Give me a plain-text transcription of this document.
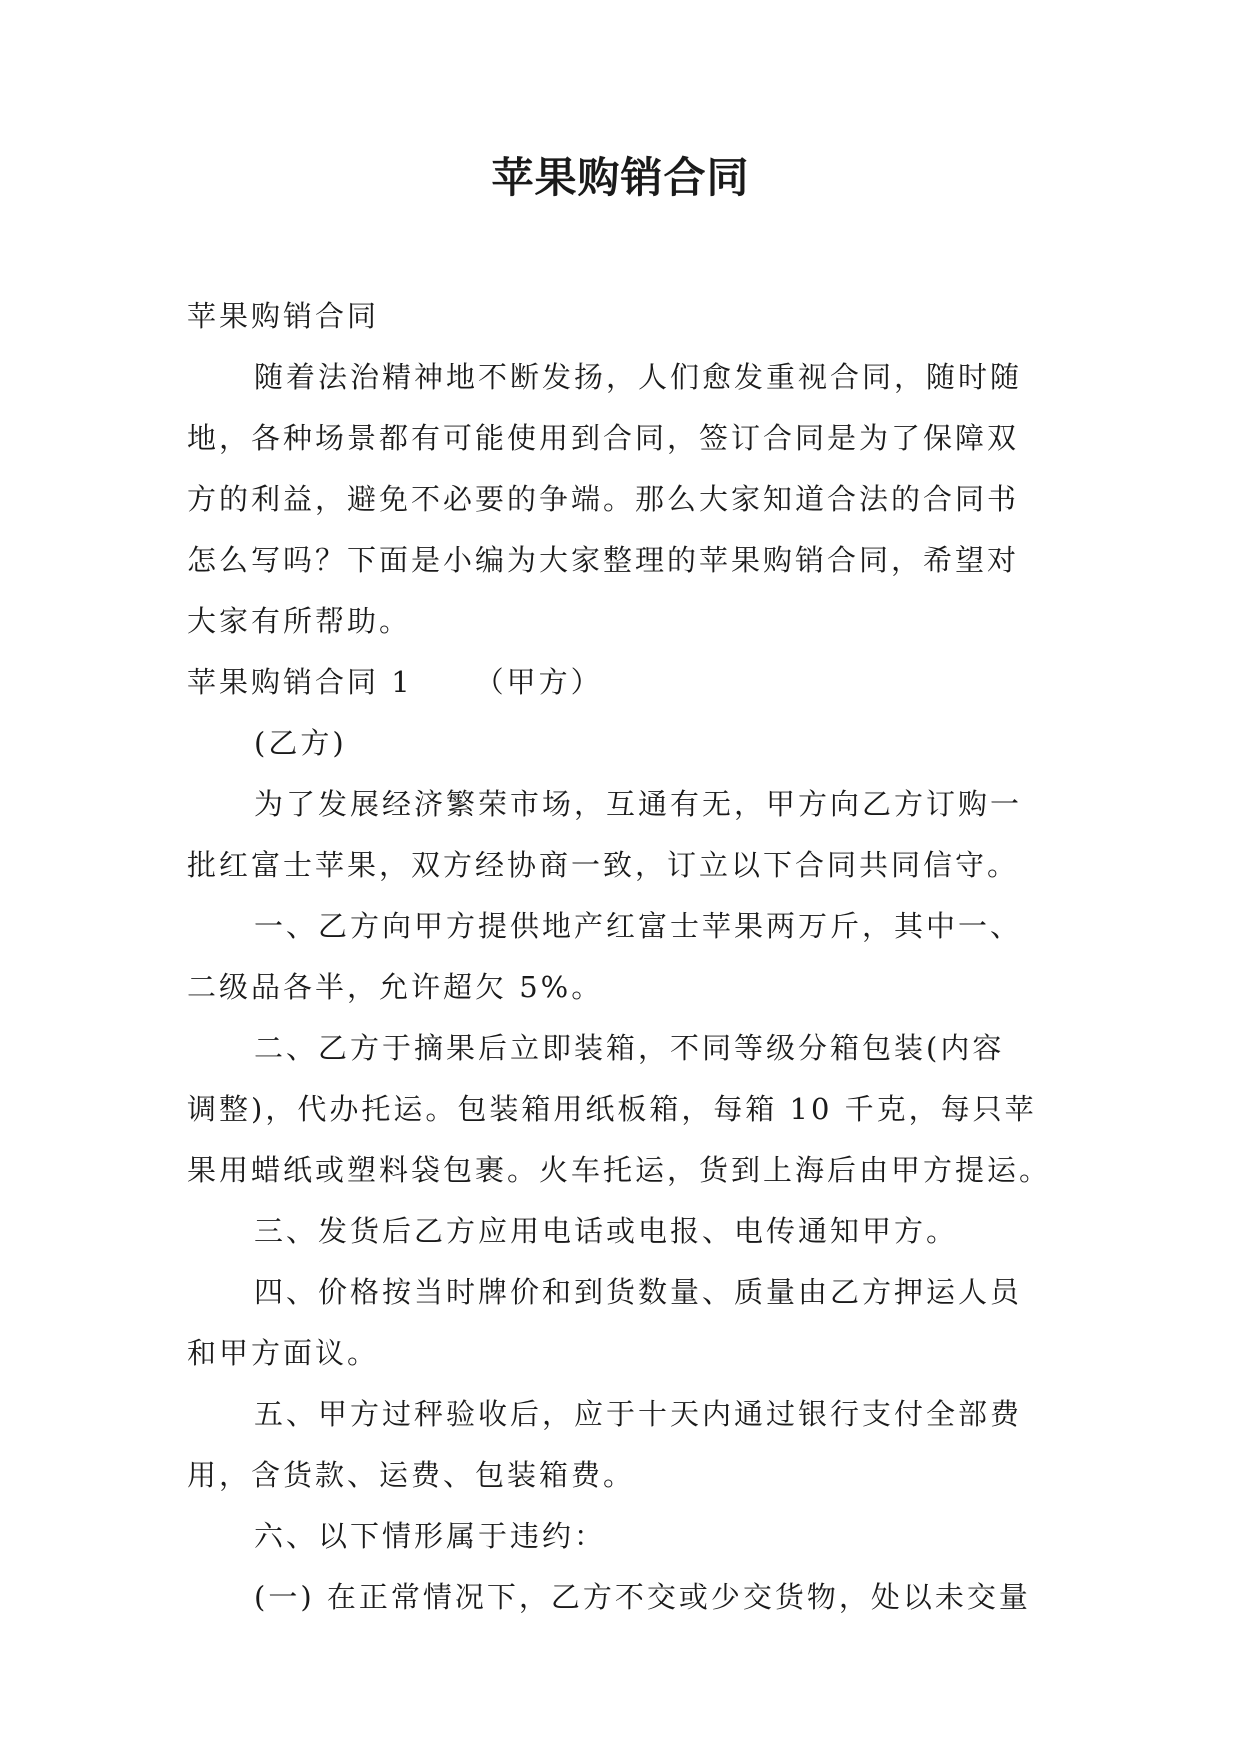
苹果购销合同

苹果购销合同

随着法治精神地不断发扬，人们愈发重视合同，随时随

地，各种场景都有可能使用到合同，签订合同是为了保障双

方的利益，避免不必要的争端。那么大家知道合法的合同书

怎么写吗？下面是小编为大家整理的苹果购销合同，希望对

大家有所帮助。

苹果购销合同 1 （甲方）

(乙方)

为了发展经济繁荣市场，互通有无，甲方向乙方订购一

批红富士苹果，双方经协商一致，订立以下合同共同信守。

一、乙方向甲方提供地产红富士苹果两万斤，其中一、

二级品各半，允许超欠 5%。

二、乙方于摘果后立即装箱，不同等级分箱包装(内容

调整)，代办托运。包装箱用纸板箱，每箱 10 千克，每只苹

果用蜡纸或塑料袋包裹。火车托运，货到上海后由甲方提运。

三、发货后乙方应用电话或电报、电传通知甲方。

四、价格按当时牌价和到货数量、质量由乙方押运人员

和甲方面议。

五、甲方过秤验收后，应于十天内通过银行支付全部费

用，含货款、运费、包装箱费。

六、以下情形属于违约：

(一) 在正常情况下，乙方不交或少交货物，处以未交量
